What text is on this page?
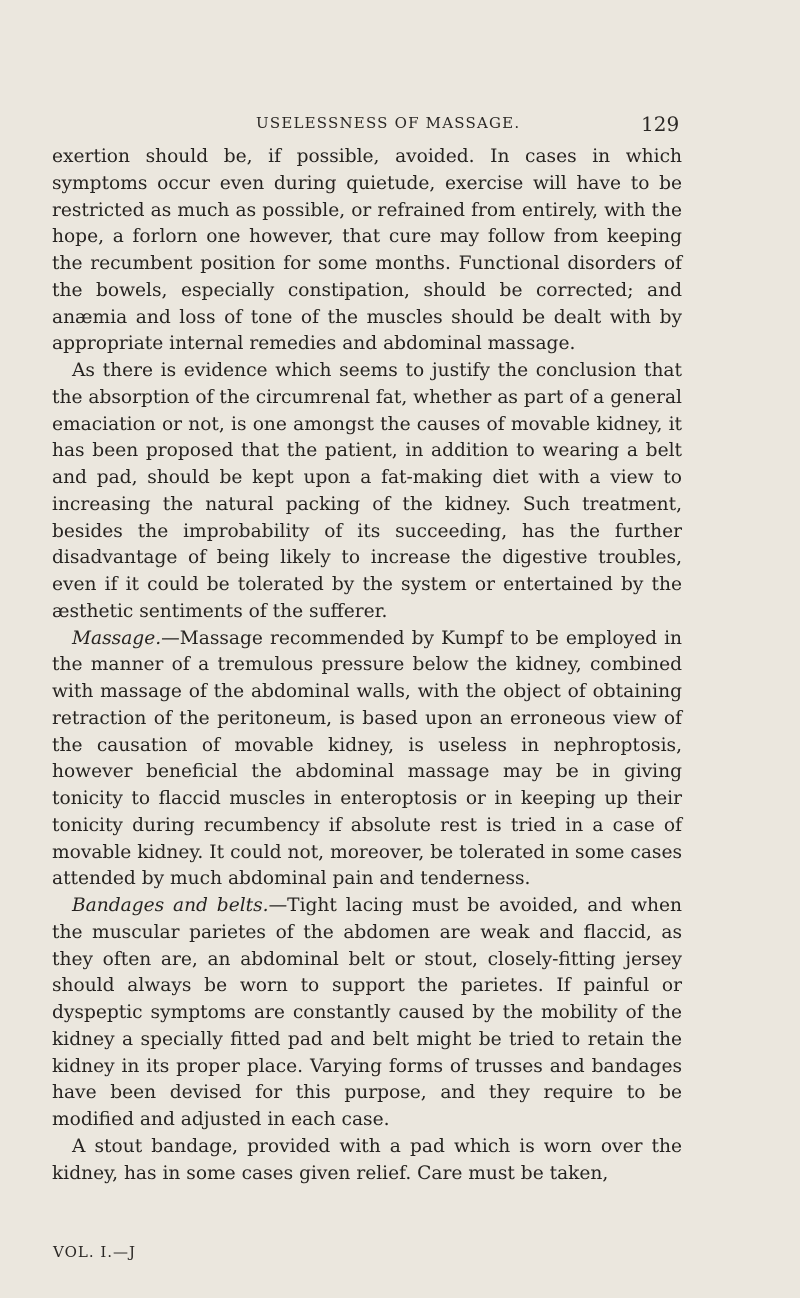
USELESSNESS OF MASSAGE.	129

exertion should be, if possible, avoided. In cases in which symptoms occur even during quietude, exercise will have to be restricted as much as possible, or refrained from entirely, with the hope, a forlorn one however, that cure may follow from keeping the recumbent position for some months. Functional disorders of the bowels, especially constipation, should be corrected; and anæmia and loss of tone of the muscles should be dealt with by appropriate internal remedies and abdominal massage.

As there is evidence which seems to justify the conclusion that the absorption of the circumrenal fat, whether as part of a general emaciation or not, is one amongst the causes of movable kidney, it has been proposed that the patient, in addition to wearing a belt and pad, should be kept upon a fat-making diet with a view to increasing the natural packing of the kidney. Such treatment, besides the improbability of its succeeding, has the further disadvantage of being likely to increase the digestive troubles, even if it could be tolerated by the system or entertained by the æsthetic sentiments of the sufferer.

Massage.—Massage recommended by Kumpf to be employed in the manner of a tremulous pressure below the kidney, combined with massage of the abdominal walls, with the object of obtaining retraction of the peritoneum, is based upon an erroneous view of the causation of movable kidney, is useless in nephroptosis, however beneficial the abdominal massage may be in giving tonicity to flaccid muscles in enteroptosis or in keeping up their tonicity during recumbency if absolute rest is tried in a case of movable kidney. It could not, moreover, be tolerated in some cases attended by much abdominal pain and tenderness.

Bandages and belts.—Tight lacing must be avoided, and when the muscular parietes of the abdomen are weak and flaccid, as they often are, an abdominal belt or stout, closely-fitting jersey should always be worn to support the parietes. If painful or dyspeptic symptoms are constantly caused by the mobility of the kidney a specially fitted pad and belt might be tried to retain the kidney in its proper place. Varying forms of trusses and bandages have been devised for this purpose, and they require to be modified and adjusted in each case.

A stout bandage, provided with a pad which is worn over the kidney, has in some cases given relief. Care must be taken,

VOL. I.—J
